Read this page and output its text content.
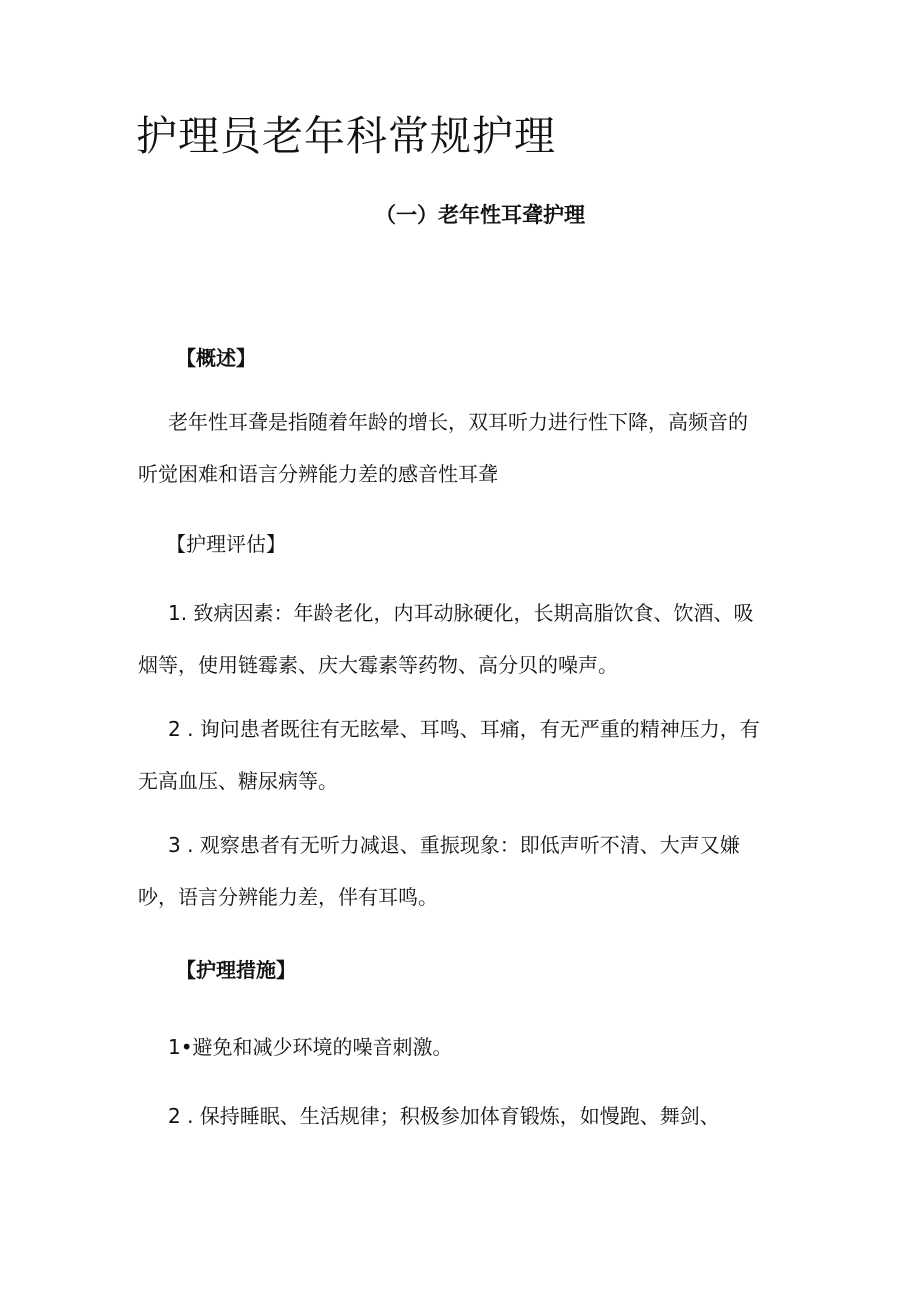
护理员老年科常规护理
（一）老年性耳聋护理
【概述】

老年性耳聋是指随着年龄的增长，双耳听力进行性下降，高频音的
听觉困难和语言分辨能力差的感音性耳聋

【护理评估】

1. 致病因素：年龄老化，内耳动脉硬化，长期高脂饮食、饮酒、吸
烟等，使用链霉素、庆大霉素等药物、高分贝的噪声。

2 . 询问患者既往有无眩晕、耳鸣、耳痛，有无严重的精神压力，有
无高血压、糖尿病等。

3 . 观察患者有无听力减退、重振现象：即低声听不清、大声又嫌
吵，语言分辨能力差，伴有耳鸣。

【护理措施】

1•避免和减少环境的噪音刺激。

2 . 保持睡眠、生活规律；积极参加体育锻炼，如慢跑、舞剑、
